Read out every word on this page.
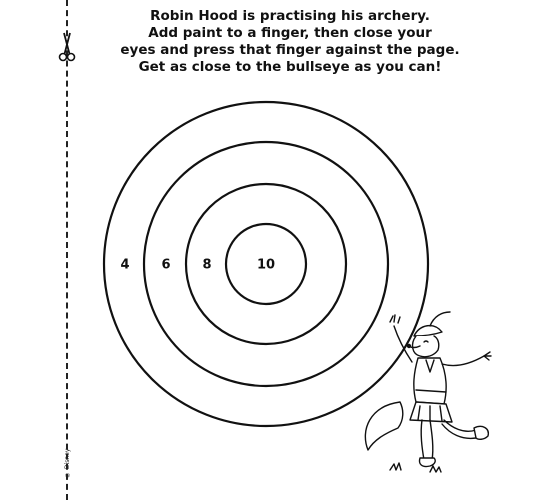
© Disney

Robin Hood is practising his archery.
Add paint to a finger, then close your
eyes and press that finger against the page.
Get as close to the bullseye as you can!

4 6 8	10
